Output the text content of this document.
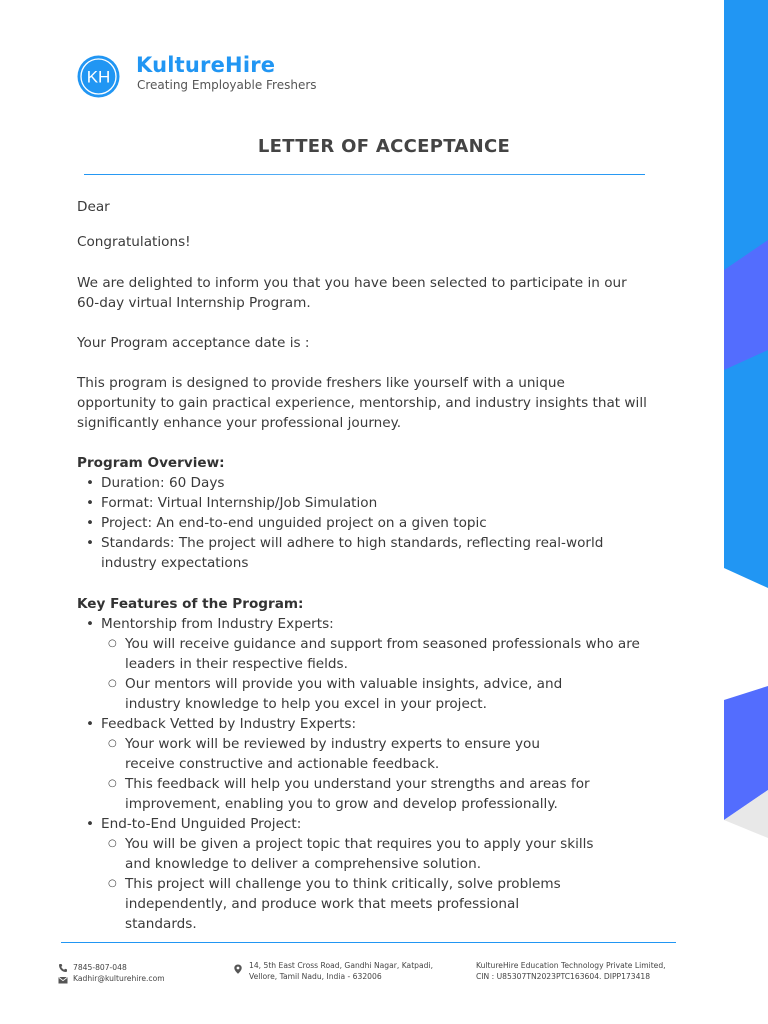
KH KultureHire
Creating Employable Freshers
LETTER OF ACCEPTANCE
Dear
Congratulations!
We are delighted to inform you that you have been selected to participate in our 60-day virtual Internship Program.
Your Program acceptance date is :
This program is designed to provide freshers like yourself with a unique opportunity to gain practical experience, mentorship, and industry insights that will significantly enhance your professional journey.
Program Overview:
• Duration: 60 Days
• Format: Virtual Internship/Job Simulation
• Project: An end-to-end unguided project on a given topic
• Standards: The project will adhere to high standards, reflecting real-world industry expectations
Key Features of the Program:
• Mentorship from Industry Experts:
○ You will receive guidance and support from seasoned professionals who are leaders in their respective fields.
○ Our mentors will provide you with valuable insights, advice, and industry knowledge to help you excel in your project.
• Feedback Vetted by Industry Experts:
○ Your work will be reviewed by industry experts to ensure you receive constructive and actionable feedback.
○ This feedback will help you understand your strengths and areas for improvement, enabling you to grow and develop professionally.
• End-to-End Unguided Project:
○ You will be given a project topic that requires you to apply your skills and knowledge to deliver a comprehensive solution.
○ This project will challenge you to think critically, solve problems independently, and produce work that meets professional standards.
7845-807-048
Kadhir@kulturehire.com
14, 5th East Cross Road, Gandhi Nagar, Katpadi,
Vellore, Tamil Nadu, India - 632006
KultureHire Education Technology Private Limited,
CIN : U85307TN2023PTC163604. DIPP173418
